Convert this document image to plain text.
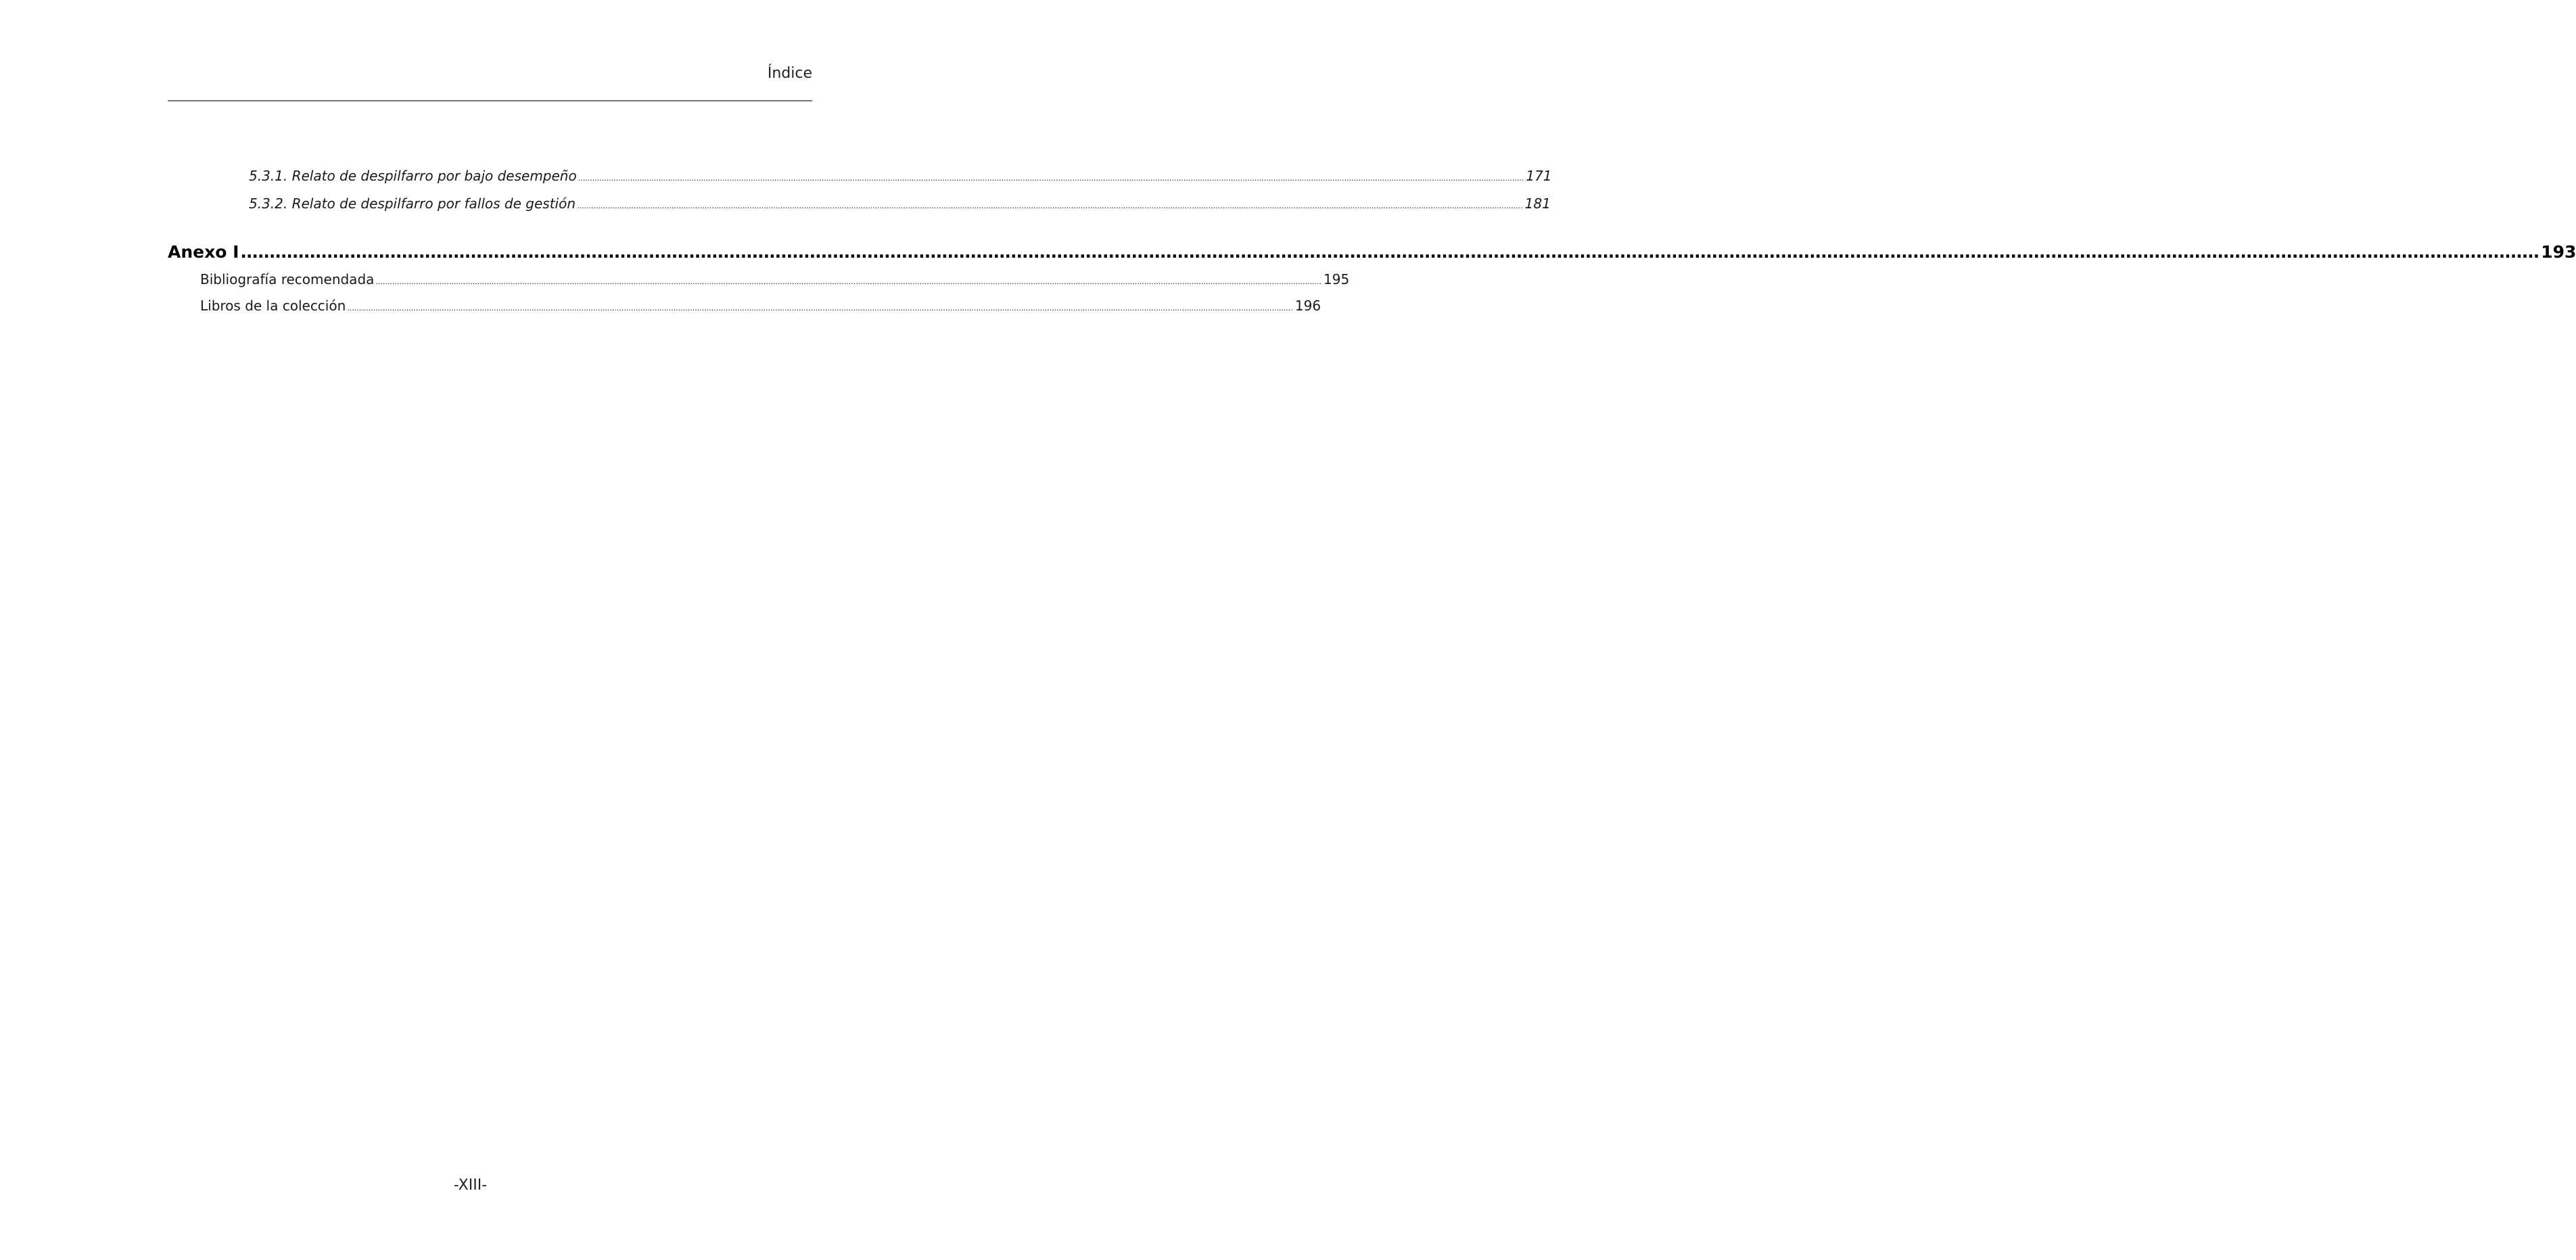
Índice
5.3.1. Relato de despilfarro por bajo desempeño ................................................................................................................................................................................................................................................................................................................................................................................................................ 171
5.3.2. Relato de despilfarro por fallos de gestión ................................................................................................................................................................................................................................................................................................................................................................................................................ 181
Anexo I ................................................................................................................................................................................................................................................................................................................................................................................................................ 193
Bibliografía recomendada ................................................................................................................................................................................................................................................................................................................................................................................................................ 195
Libros de la colección ................................................................................................................................................................................................................................................................................................................................................................................................................ 196
-XIII-
